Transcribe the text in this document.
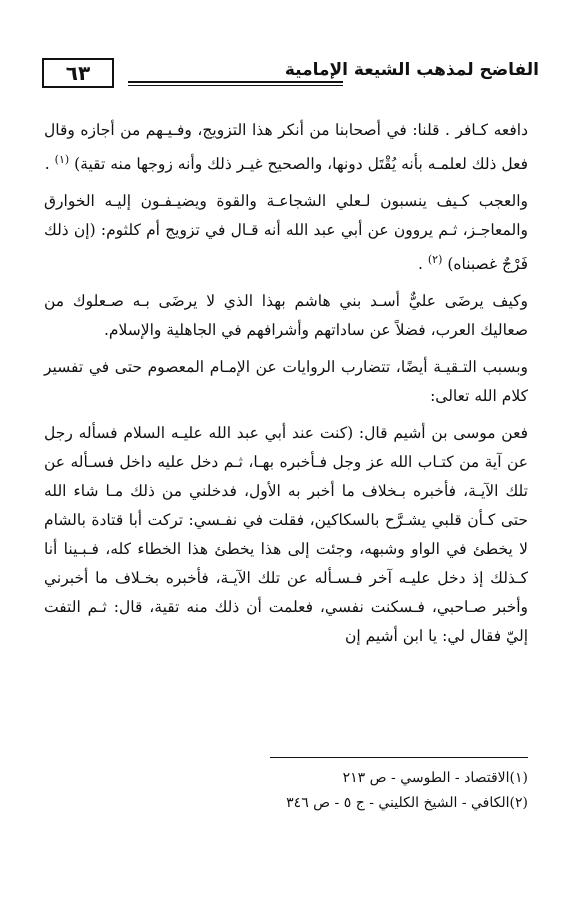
٦٣	الفاضح لمذهب الشيعة الإمامية

دافعه كـافر . قلنا: في أصحابنا من أنكر هذا التزويج، وفـيـهم من أجازه وقال فعل ذلك لعلمـه بأنه يُقْتَل دونها، والصحيح غيـر ذلك وأنه زوجها منه تقية) $^{(١)}$ .

والعجب كـيف ينسبون لـعلي الشجاعـة والقوة ويضيـفـون إليـه الخوارق والمعاجـز، ثـم يروون عن أبي عبد الله أنه قـال في تزويج أم كلثوم: (إن ذلك فَرْجٌ غصبناه) $^{(٢)}$ .

وكيف يرضَى عليٌّ أسـد بني هاشم بهذا الذي لا يرضَى بـه صـعلوك من صعاليك العرب، فضلاً عن ساداتهم وأشرافهم في الجاهلية والإسلام.

وبسبب التـقيـة أيضًا، تتضارب الروايات عن الإمـام المعصوم حتى في تفسير كلام الله تعالى:

فعن موسى بن أشيم قال: (كنت عند أبي عبد الله عليـه السلام فسأله رجل عن آية من كتـاب الله عز وجل فـأخبره بهـا، ثـم دخل عليه داخل فسـأله عن تلك الآيـة، فأخبره بـخلاف ما أخبر به الأول، فدخلني من ذلك مـا شاء الله حتى كـأن قلبي يشـرَّح بالسكاكين، فقلت في نفـسي: تركت أبا قتادة بالشام لا يخطئ في الواو وشبهه، وجئت إلى هذا يخطئ هذا الخطاء كله، فـبـينا أنا كـذلك إذ دخل عليـه آخر فـسـأله عن تلك الآيـة، فأخبره بخـلاف ما أخبرني وأخبر صـاحبي، فـسكنت نفسي، فعلمت أن ذلك منه تقية، قال: ثـم التفت إليّ فقال لي: يا ابن أشيم إن

(١)الاقتصاد - الطوسي - ص ٢١٣

(٢)الكافي - الشيخ الكليني - ج ٥ - ص ٣٤٦
